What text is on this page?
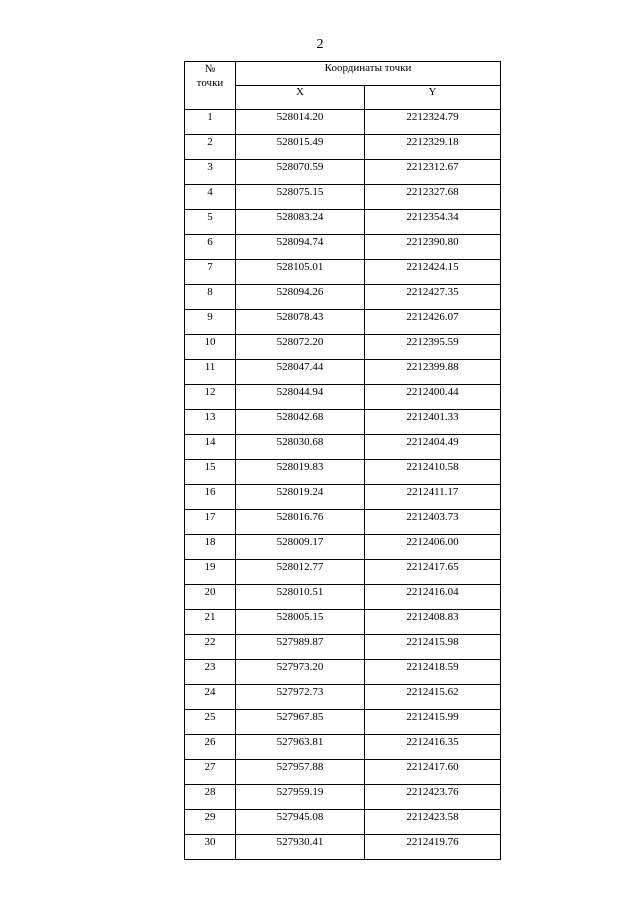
2
№
точки	Координаты точки	
	X	Y
1	528014.20	2212324.79
2	528015.49	2212329.18
3	528070.59	2212312.67
4	528075.15	2212327.68
5	528083.24	2212354.34
6	528094.74	2212390.80
7	528105.01	2212424.15
8	528094.26	2212427.35
9	528078.43	2212426.07
10	528072.20	2212395.59
11	528047.44	2212399.88
12	528044.94	2212400.44
13	528042.68	2212401.33
14	528030.68	2212404.49
15	528019.83	2212410.58
16	528019.24	2212411.17
17	528016.76	2212403.73
18	528009.17	2212406.00
19	528012.77	2212417.65
20	528010.51	2212416.04
21	528005.15	2212408.83
22	527989.87	2212415.98
23	527973.20	2212418.59
24	527972.73	2212415.62
25	527967.85	2212415.99
26	527963.81	2212416.35
27	527957.88	2212417.60
28	527959.19	2212423.76
29	527945.08	2212423.58
30	527930.41	2212419.76
